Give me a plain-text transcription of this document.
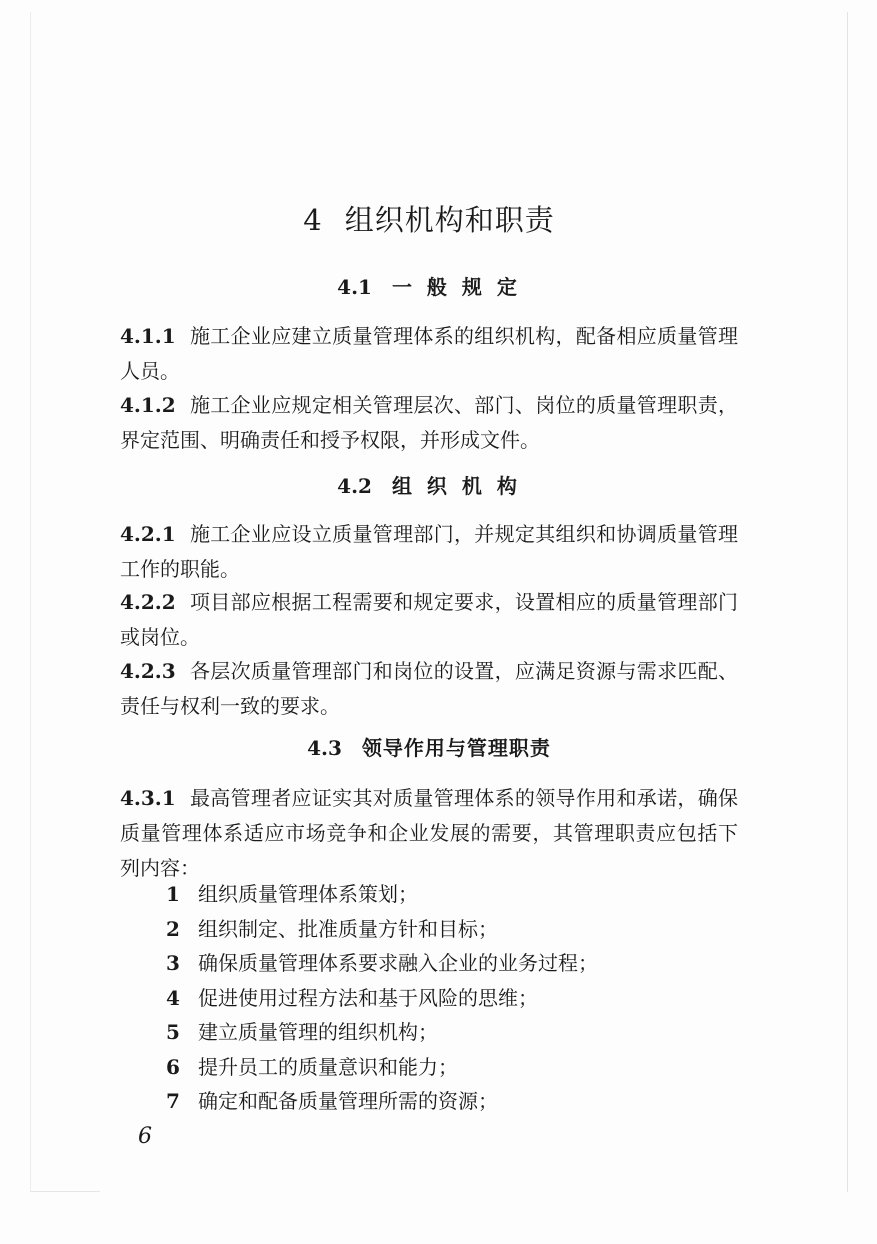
4 组织机构和职责
4.1 一 般 规 定
4.1.1 施工企业应建立质量管理体系的组织机构，配备相应质量管理人员。
4.1.2 施工企业应规定相关管理层次、部门、岗位的质量管理职责，界定范围、明确责任和授予权限，并形成文件。
4.2 组 织 机 构
4.2.1 施工企业应设立质量管理部门，并规定其组织和协调质量管理工作的职能。
4.2.2 项目部应根据工程需要和规定要求，设置相应的质量管理部门或岗位。
4.2.3 各层次质量管理部门和岗位的设置，应满足资源与需求匹配、责任与权利一致的要求。
4.3 领导作用与管理职责
4.3.1 最高管理者应证实其对质量管理体系的领导作用和承诺，确保质量管理体系适应市场竞争和企业发展的需要，其管理职责应包括下列内容：
1 组织质量管理体系策划；
2 组织制定、批准质量方针和目标；
3 确保质量管理体系要求融入企业的业务过程；
4 促进使用过程方法和基于风险的思维；
5 建立质量管理的组织机构；
6 提升员工的质量意识和能力；
7 确定和配备质量管理所需的资源；
6
